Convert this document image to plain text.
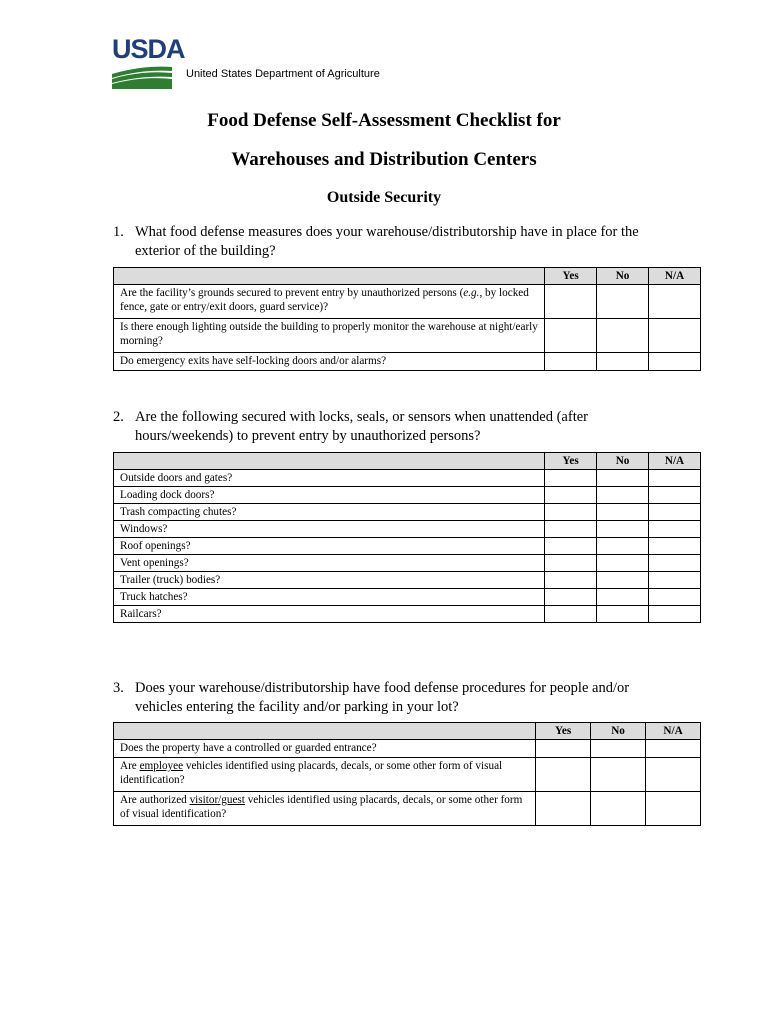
USDA
United States Department of Agriculture
Food Defense Self-Assessment Checklist for
Warehouses and Distribution Centers
Outside Security
1. What food defense measures does your warehouse/distributorship have in place for the exterior of the building?
	Yes	No	N/A
Are the facility’s grounds secured to prevent entry by unauthorized persons (e.g., by locked fence, gate or entry/exit doors, guard service)?			
Is there enough lighting outside the building to properly monitor the warehouse at night/early morning?			
Do emergency exits have self-locking doors and/or alarms?			
2. Are the following secured with locks, seals, or sensors when unattended (after hours/weekends) to prevent entry by unauthorized persons?
	Yes	No	N/A
Outside doors and gates?			
Loading dock doors?			
Trash compacting chutes?			
Windows?			
Roof openings?			
Vent openings?			
Trailer (truck) bodies?			
Truck hatches?			
Railcars?			
3. Does your warehouse/distributorship have food defense procedures for people and/or vehicles entering the facility and/or parking in your lot?
	Yes	No	N/A
Does the property have a controlled or guarded entrance?			
Are employee vehicles identified using placards, decals, or some other form of visual identification?			
Are authorized visitor/guest vehicles identified using placards, decals, or some other form of visual identification?			
